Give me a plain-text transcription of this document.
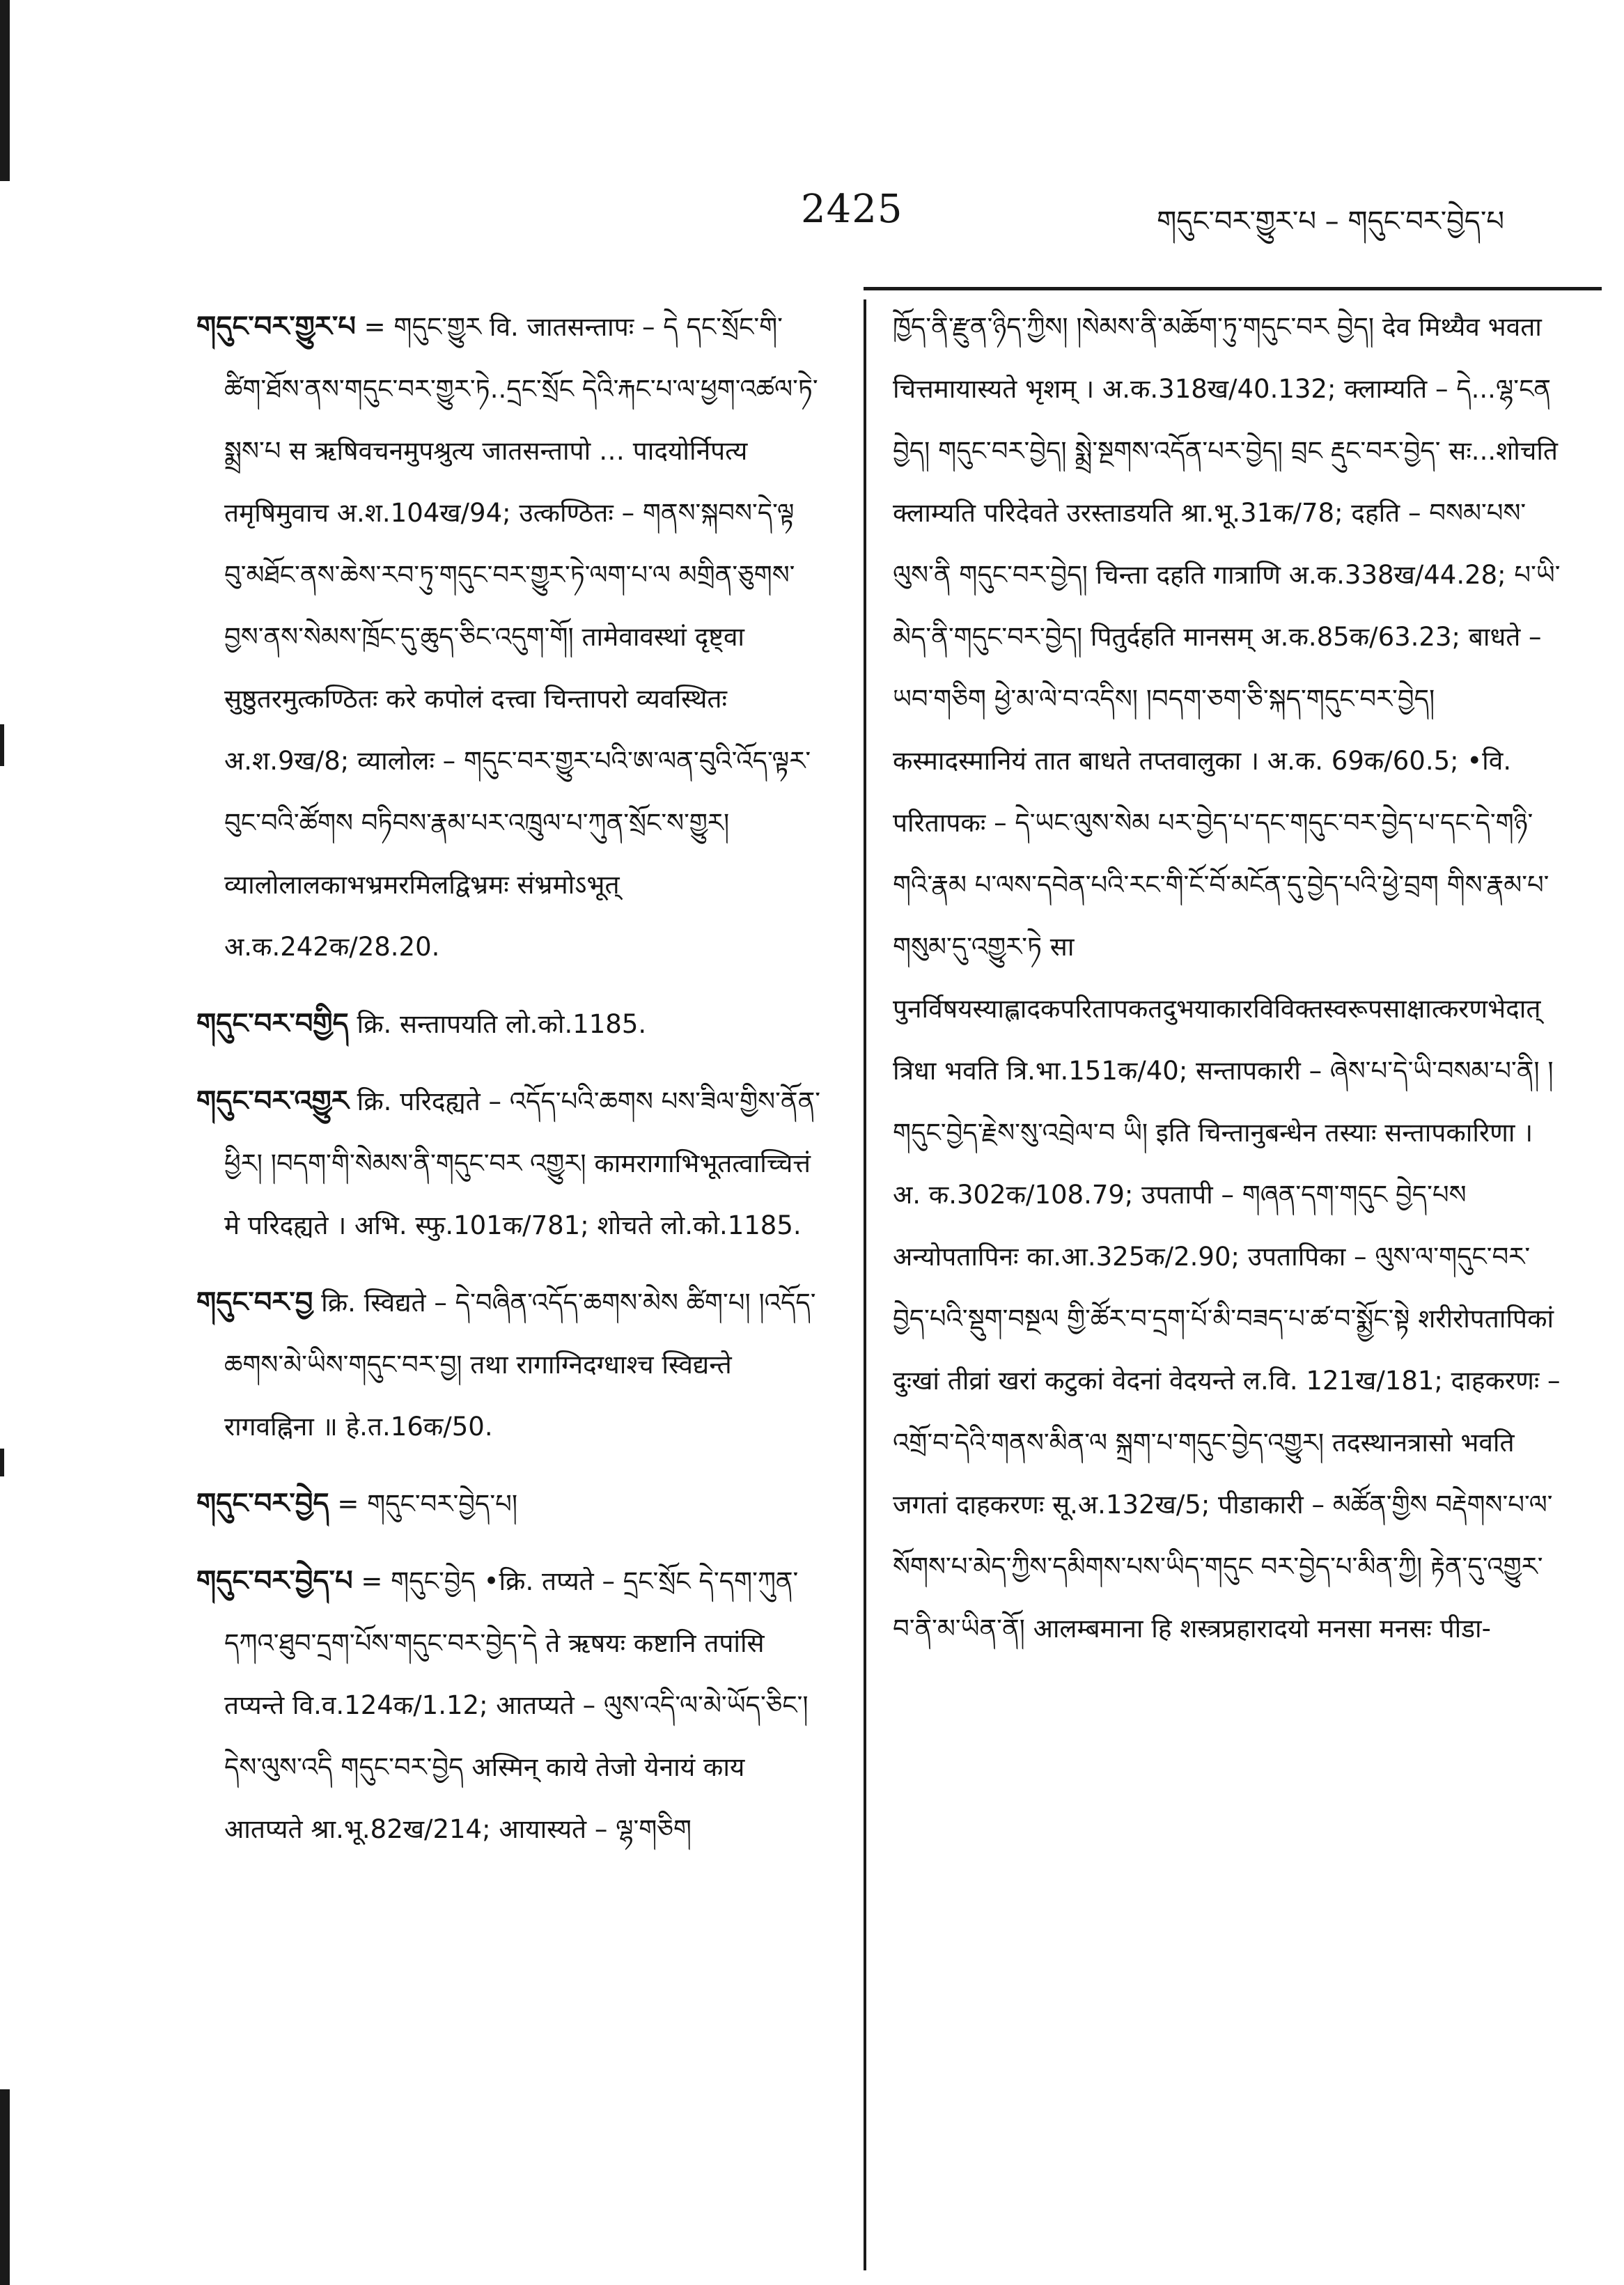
2425	གདུང་བར་གྱུར་པ – གདུང་བར་བྱེད་པ

གདུང་བར་གྱུར་པ = གདུང་གྱུར वि. जातसन्तापः – དེ དང་སྲོང་གི་ཚིག་ཐོས་ནས་གདུང་བར་གྱུར་ཏེ..དྲང་སྲོང དེའི་རྐང་པ་ལ་ཕྱག་འཚལ་ཏེ་སྨྲས་པ स ऋषिवचनमुपश्रुत्य जातसन्तापो … पादयोर्निपत्य तमृषिमुवाच अ.श.104ख/94; उत्कण्ठितः – གནས་སྐབས་དེ་ལྟ བུ་མཐོང་ནས་ཆེས་རབ་ཏུ་གདུང་བར་གྱུར་ཏེ་ལག་པ་ལ མགྲིན་ཅུགས་བྱས་ནས་སེམས་ཁྲོང་དུ་ཆུད་ཅིང་འདུག་གོ། तामेवावस्थां दृष्ट्वा सुष्ठुतरमुत्कण्ठितः करे कपोलं दत्त्वा चिन्तापरो व्यवस्थितः अ.श.9ख/8; व्यालोलः – གདུང་བར་གྱུར་པའི་ཨ་ལན་བུའི་འོད་ལྟར་བུང་བའི་ཚོགས བཏིབས་རྣམ་པར་འཁྲུལ་པ་ཀུན་སྲོང་ས་གྱུར། व्यालोलालकाभभ्रमरमिलद्विभ्रमः संभ्रमोऽभूत् अ.क.242क/28.20.

གདུང་བར་བགྱིད क्रि. सन्तापयति लो.को.1185.

གདུང་བར་འགྱུར क्रि. परिदह्यते – འདོད་པའི་ཆགས པས་ཟིལ་གྱིས་ནོན་ཕྱིར། །བདག་གི་སེམས་ནི་གདུང་བར འགྱུར། कामरागाभिभूतत्वाच्चित्तं मे परिदह्यते । अभि. स्फु.101क/781; शोचते लो.को.1185.

གདུང་བར་བྱ क्रि. स्विद्यते – དེ་བཞིན་འདོད་ཆགས་མེས ཚིག་པ། །འདོད་ཆགས་མེ་ཡིས་གདུང་བར་བྱ། तथा रागाग्निदग्धाश्च स्विद्यन्ते रागवह्निना ॥ हे.त.16क/50.

གདུང་བར་བྱེད = གདུང་བར་བྱེད་པ།

གདུང་བར་བྱེད་པ = གདུང་བྱེད •क्रि. तप्यते – དྲང་སྲོང དེ་དག་ཀུན་དཀའ་ཐུབ་དྲག་པོས་གདུང་བར་བྱེད་དེ ते ऋषयः कष्टानि तपांसि तप्यन्ते वि.व.124क/1.12; आतप्यते – ལུས་འདི་ལ་མེ་ཡོད་ཅིང་། དེས་ལུས་འདི གདུང་བར་བྱེད अस्मिन् काये तेजो येनायं काय आतप्यते श्रा.भू.82ख/214; आयास्यते – ལྷ་གཅིག

ཁྱོད་ནི་རྫུན་ཉིད་ཀྱིས། །སེམས་ནི་མཆོག་ཏུ་གདུང་བར བྱེད། देव मिथ्यैव भवता चित्तमायास्यते भृशम् । अ.क.318ख/40.132; क्लाम्यति – དེ...ལྷ་ངན བྱེད། གདུང་བར་བྱེད། སྨྲེ་སྔགས་འདོན་པར་བྱེད། བྲང རྡུང་བར་བྱེད་ सः...शोचति क्लाम्यति परिदेवते उरस्ताडयति श्रा.भू.31क/78; दहति – བསམ་པས་ལུས་ནི གདུང་བར་བྱེད། चिन्ता दहति गात्राणि अ.क.338ख/44.28; པ་ཡི་མེད་ནི་གདུང་བར་བྱེད། पितुर्दहति मानसम् अ.क.85क/63.23; बाधते – ཡབ་གཅིག ཕྱེ་མ་ལེ་བ་འདིས། །བདག་ཅག་ཅི་སྐད་གདུང་བར་བྱེད། कस्मादस्मानियं तात बाधते तप्तवालुका । अ.क. 69क/60.5; •वि. परितापकः – དེ་ཡང་ལུས་སེམ པར་བྱེད་པ་དང་གདུང་བར་བྱེད་པ་དང་དེ་གཉི་གའི་རྣམ པ་ལས་དབེན་པའི་རང་གི་ངོ་བོ་མངོན་དུ་བྱེད་པའི་ཕྱེ་བྲག གིས་རྣམ་པ་གསུམ་དུ་འགྱུར་ཏེ सा पुनर्विषयस्याह्लादकपरितापकतदुभयाकारविविक्तस्वरूपसाक्षात्करणभेदात् त्रिधा भवति त्रि.भा.151क/40; सन्तापकारी – ཞེས་པ་དེ་ཡི་བསམ་པ་ནི། །གདུང་བྱེད་རྗེས་སུ་འབྲེལ་བ ཡི། इति चिन्तानुबन्धेन तस्याः सन्तापकारिणा । अ. क.302क/108.79; उपतापी – གཞན་དག་གདུང བྱེད་པས अन्योपतापिनः का.आ.325क/2.90; उपतापिका – ལུས་ལ་གདུང་བར་བྱེད་པའི་སྡུག་བསྔལ གྱི་ཚོར་བ་དྲག་པོ་མི་བཟད་པ་ཚ་བ་སྨྱོང་སྟེ शरीरोपतापिकां दुःखां तीव्रां खरां कटुकां वेदनां वेदयन्ते ल.वि. 121ख/181; दाहकरणः – འགྲོ་བ་དེའི་གནས་མིན་ལ སྐྲག་པ་གདུང་བྱེད་འགྱུར། तदस्थानत्रासो भवति जगतां दाहकरणः सू.अ.132ख/5; पीडाकारी – མཚོན་གྱིས བརྡེགས་པ་ལ་སོགས་པ་མེད་ཀྱིས་དམིགས་པས་ཡིད་གདུང བར་བྱེད་པ་མིན་ཀྱི། རྟེན་དུ་འགྱུར་བ་ནི་མ་ཡིན་ནོ། आलम्बमाना हि शस्त्रप्रहारादयो मनसा मनसः पीडा-
